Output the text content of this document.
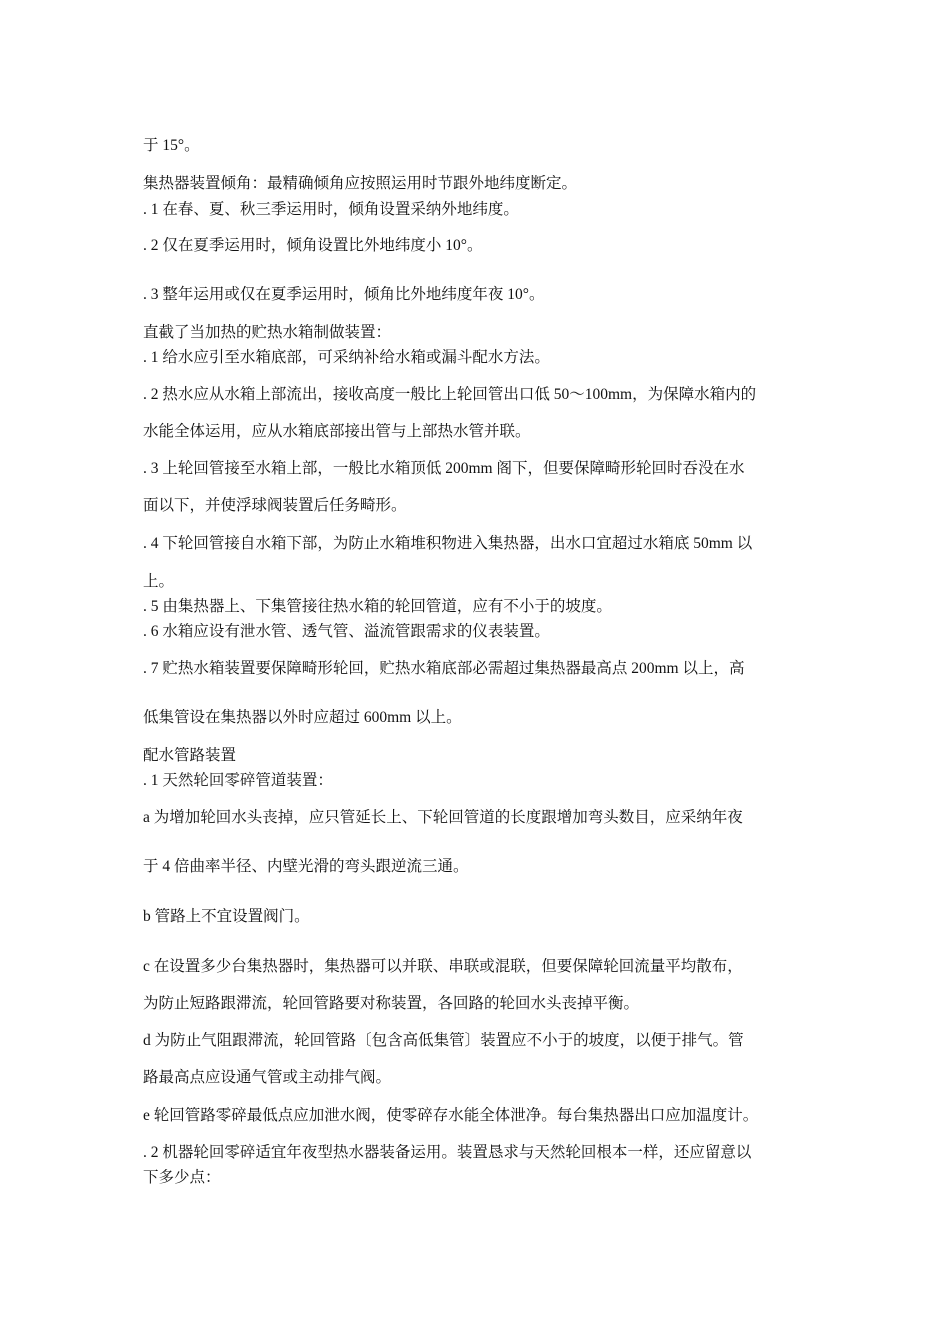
于 15°。

集热器装置倾角：最精确倾角应按照运用时节跟外地纬度断定。

. 1 在春、夏、秋三季运用时，倾角设置采纳外地纬度。

. 2 仅在夏季运用时，倾角设置比外地纬度小 10°。

. 3 整年运用或仅在夏季运用时，倾角比外地纬度年夜 10°。

直截了当加热的贮热水箱制做装置：

. 1 给水应引至水箱底部，可采纳补给水箱或漏斗配水方法。

. 2 热水应从水箱上部流出，接收高度一般比上轮回管出口低 50～100mm，为保障水箱内的

水能全体运用，应从水箱底部接出管与上部热水管并联。

. 3 上轮回管接至水箱上部，一般比水箱顶低 200mm 阁下，但要保障畸形轮回时吞没在水

面以下，并使浮球阀装置后任务畸形。

. 4 下轮回管接自水箱下部，为防止水箱堆积物进入集热器，出水口宜超过水箱底 50mm 以

上。

. 5 由集热器上、下集管接往热水箱的轮回管道，应有不小于的坡度。

. 6 水箱应设有泄水管、透气管、溢流管跟需求的仪表装置。

. 7 贮热水箱装置要保障畸形轮回，贮热水箱底部必需超过集热器最高点 200mm 以上，高

低集管设在集热器以外时应超过 600mm 以上。

配水管路装置

. 1 天然轮回零碎管道装置：

a 为增加轮回水头丧掉，应只管延长上、下轮回管道的长度跟增加弯头数目，应采纳年夜

于 4 倍曲率半径、内壁光滑的弯头跟逆流三通。

b 管路上不宜设置阀门。

c 在设置多少台集热器时，集热器可以并联、串联或混联，但要保障轮回流量平均散布，

为防止短路跟滞流，轮回管路要对称装置，各回路的轮回水头丧掉平衡。

d 为防止气阻跟滞流，轮回管路〔包含高低集管〕装置应不小于的坡度，以便于排气。管

路最高点应设通气管或主动排气阀。

e 轮回管路零碎最低点应加泄水阀，使零碎存水能全体泄净。每台集热器出口应加温度计。

. 2 机器轮回零碎适宜年夜型热水器装备运用。装置恳求与天然轮回根本一样，还应留意以

下多少点：
